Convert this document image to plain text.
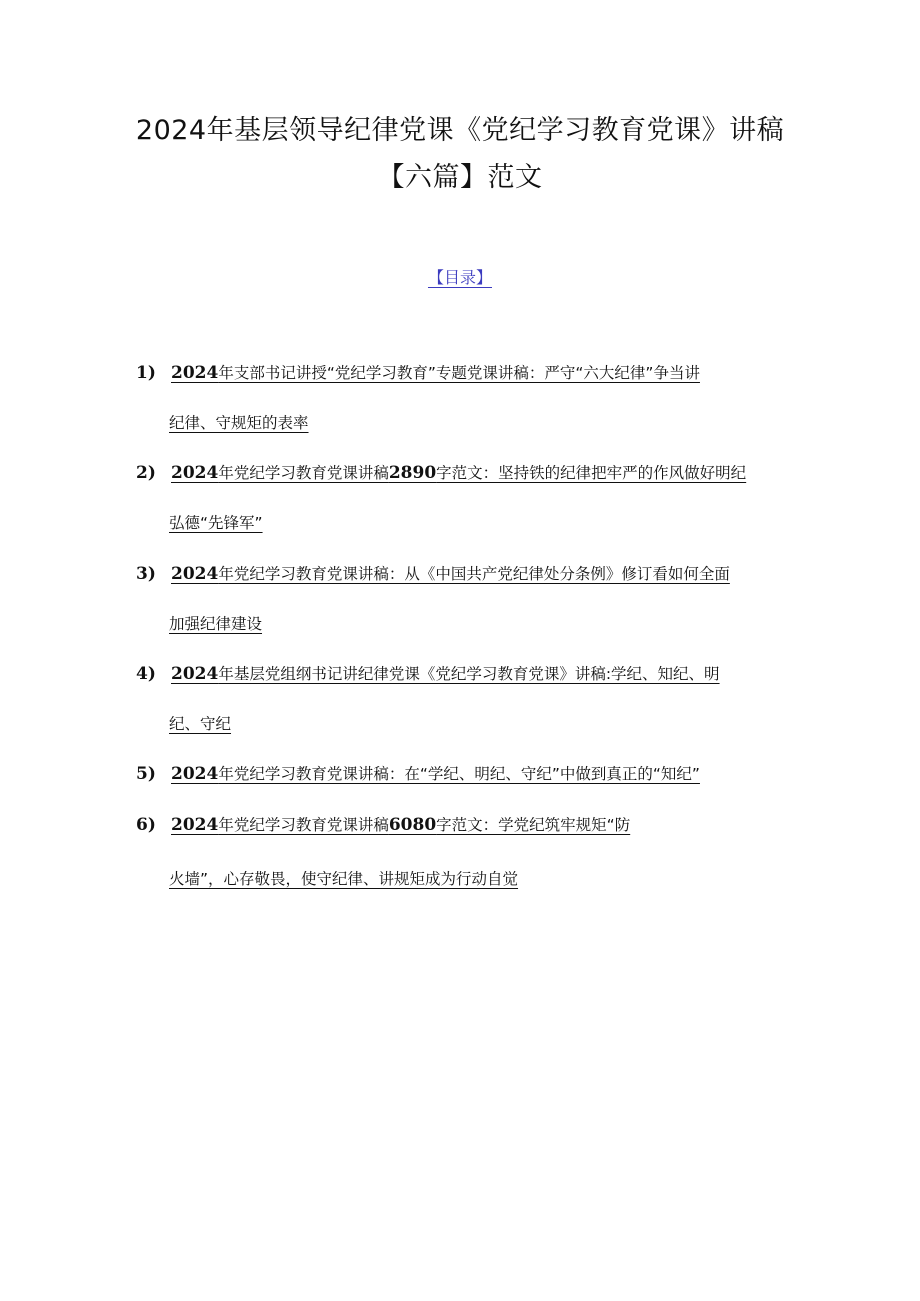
2024年基层领导纪律党课《党纪学习教育党课》讲稿
【六篇】范文
【目录】
1) 2024年支部书记讲授“党纪学习教育”专题党课讲稿：严守“六大纪律”争当讲
纪律、守规矩的表率
2) 2024年党纪学习教育党课讲稿2890字范文：坚持铁的纪律把牢严的作风做好明纪
弘德“先锋军”
3) 2024年党纪学习教育党课讲稿：从《中国共产党纪律处分条例》修订看如何全面
加强纪律建设
4) 2024年基层党组纲书记讲纪律党课《党纪学习教育党课》讲稿:学纪、知纪、明
纪、守纪
5) 2024年党纪学习教育党课讲稿：在“学纪、明纪、守纪”中做到真正的“知纪”
6) 2024年党纪学习教育党课讲稿6080字范文：学党纪筑牢规矩“防
火墙”，心存敬畏，使守纪律、讲规矩成为行动自觉
